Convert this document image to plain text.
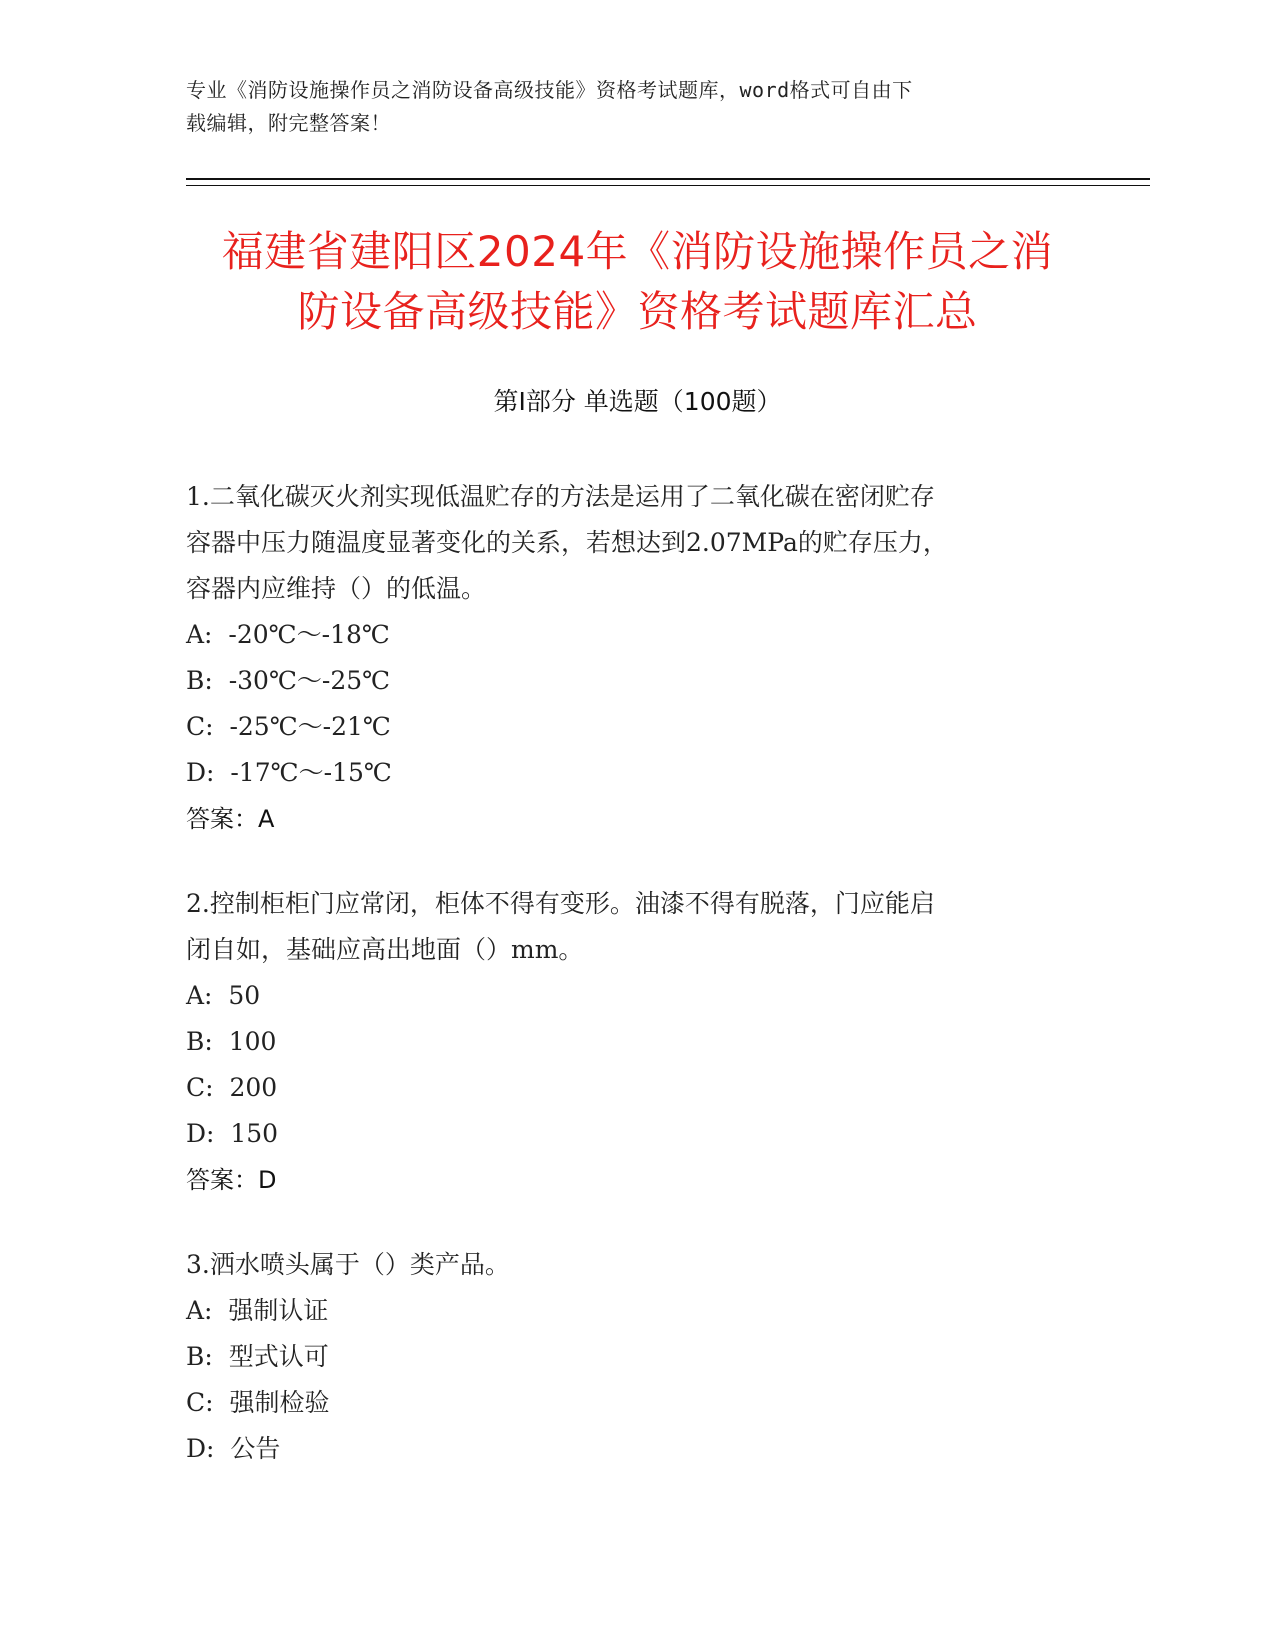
专业《消防设施操作员之消防设备高级技能》资格考试题库，word格式可自由下
载编辑，附完整答案！
福建省建阳区2024年《消防设施操作员之消
防设备高级技能》资格考试题库汇总
第Ⅰ部分 单选题（100题）

1.二氧化碳灭火剂实现低温贮存的方法是运用了二氧化碳在密闭贮存

容器中压力随温度显著变化的关系，若想达到2.07MPa的贮存压力，

容器内应维持（）的低温。

A:  -20℃～-18℃

B:  -30℃～-25℃

C:  -25℃～-21℃

D:  -17℃～-15℃

答案：A

2.控制柜柜门应常闭，柜体不得有变形。油漆不得有脱落，门应能启

闭自如，基础应高出地面（）mm。

A:  50

B:  100

C:  200

D:  150

答案：D

3.洒水喷头属于（）类产品。

A:  强制认证

B:  型式认可

C:  强制检验

D:  公告
